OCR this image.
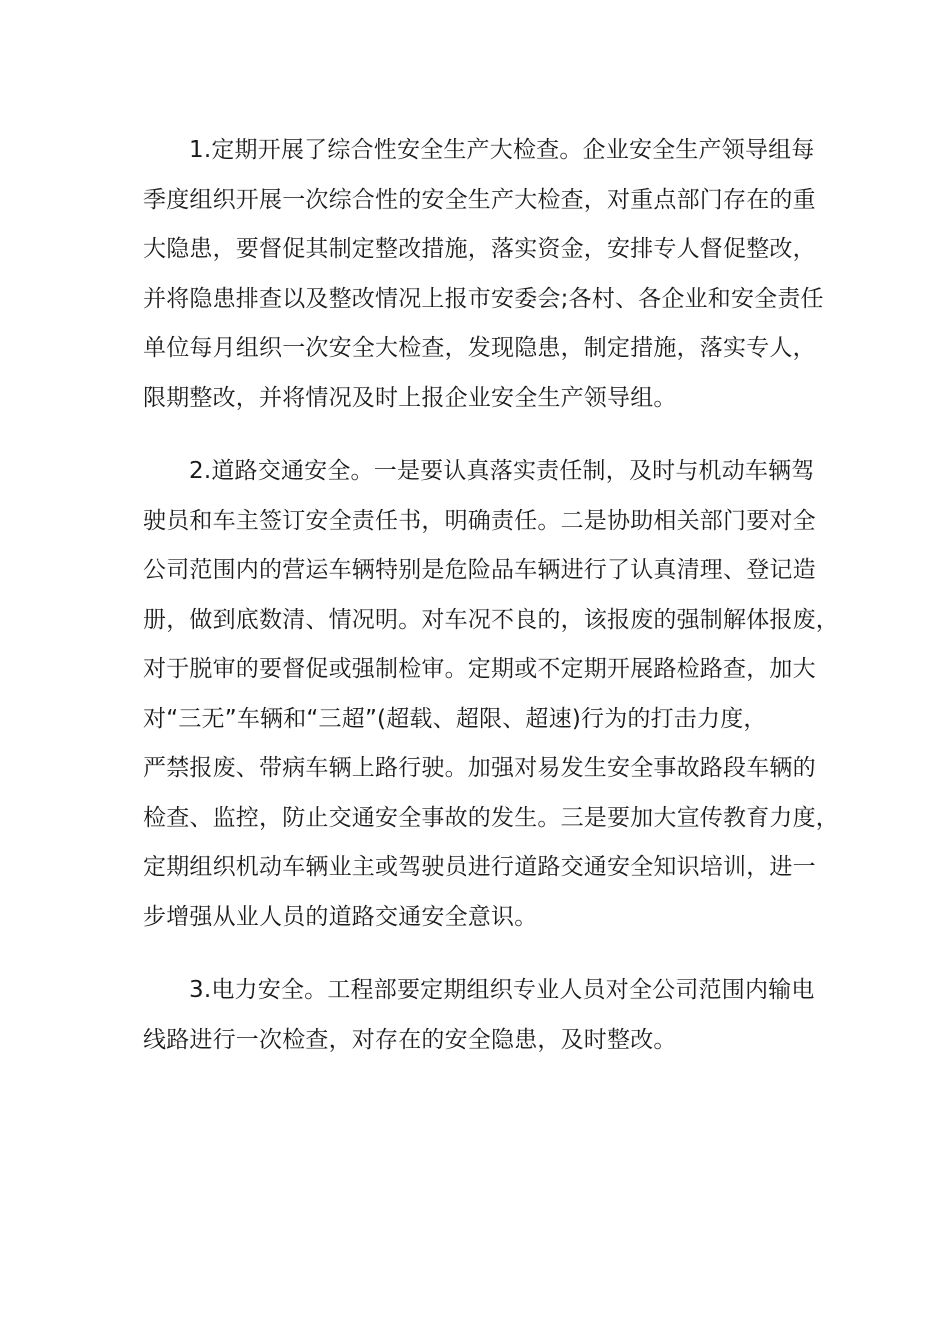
1.定期开展了综合性安全生产大检查。企业安全生产领导组每
季度组织开展一次综合性的安全生产大检查，对重点部门存在的重
大隐患，要督促其制定整改措施，落实资金，安排专人督促整改，
并将隐患排查以及整改情况上报市安委会;各村、各企业和安全责任
单位每月组织一次安全大检查，发现隐患，制定措施，落实专人，
限期整改，并将情况及时上报企业安全生产领导组。

2.道路交通安全。一是要认真落实责任制，及时与机动车辆驾
驶员和车主签订安全责任书，明确责任。二是协助相关部门要对全
公司范围内的营运车辆特别是危险品车辆进行了认真清理、登记造
册，做到底数清、情况明。对车况不良的，该报废的强制解体报废，
对于脱审的要督促或强制检审。定期或不定期开展路检路查，加大
对“三无”车辆和“三超”(超载、超限、超速)行为的打击力度，
严禁报废、带病车辆上路行驶。加强对易发生安全事故路段车辆的
检查、监控，防止交通安全事故的发生。三是要加大宣传教育力度，
定期组织机动车辆业主或驾驶员进行道路交通安全知识培训，进一
步增强从业人员的道路交通安全意识。

3.电力安全。工程部要定期组织专业人员对全公司范围内输电
线路进行一次检查，对存在的安全隐患，及时整改。
